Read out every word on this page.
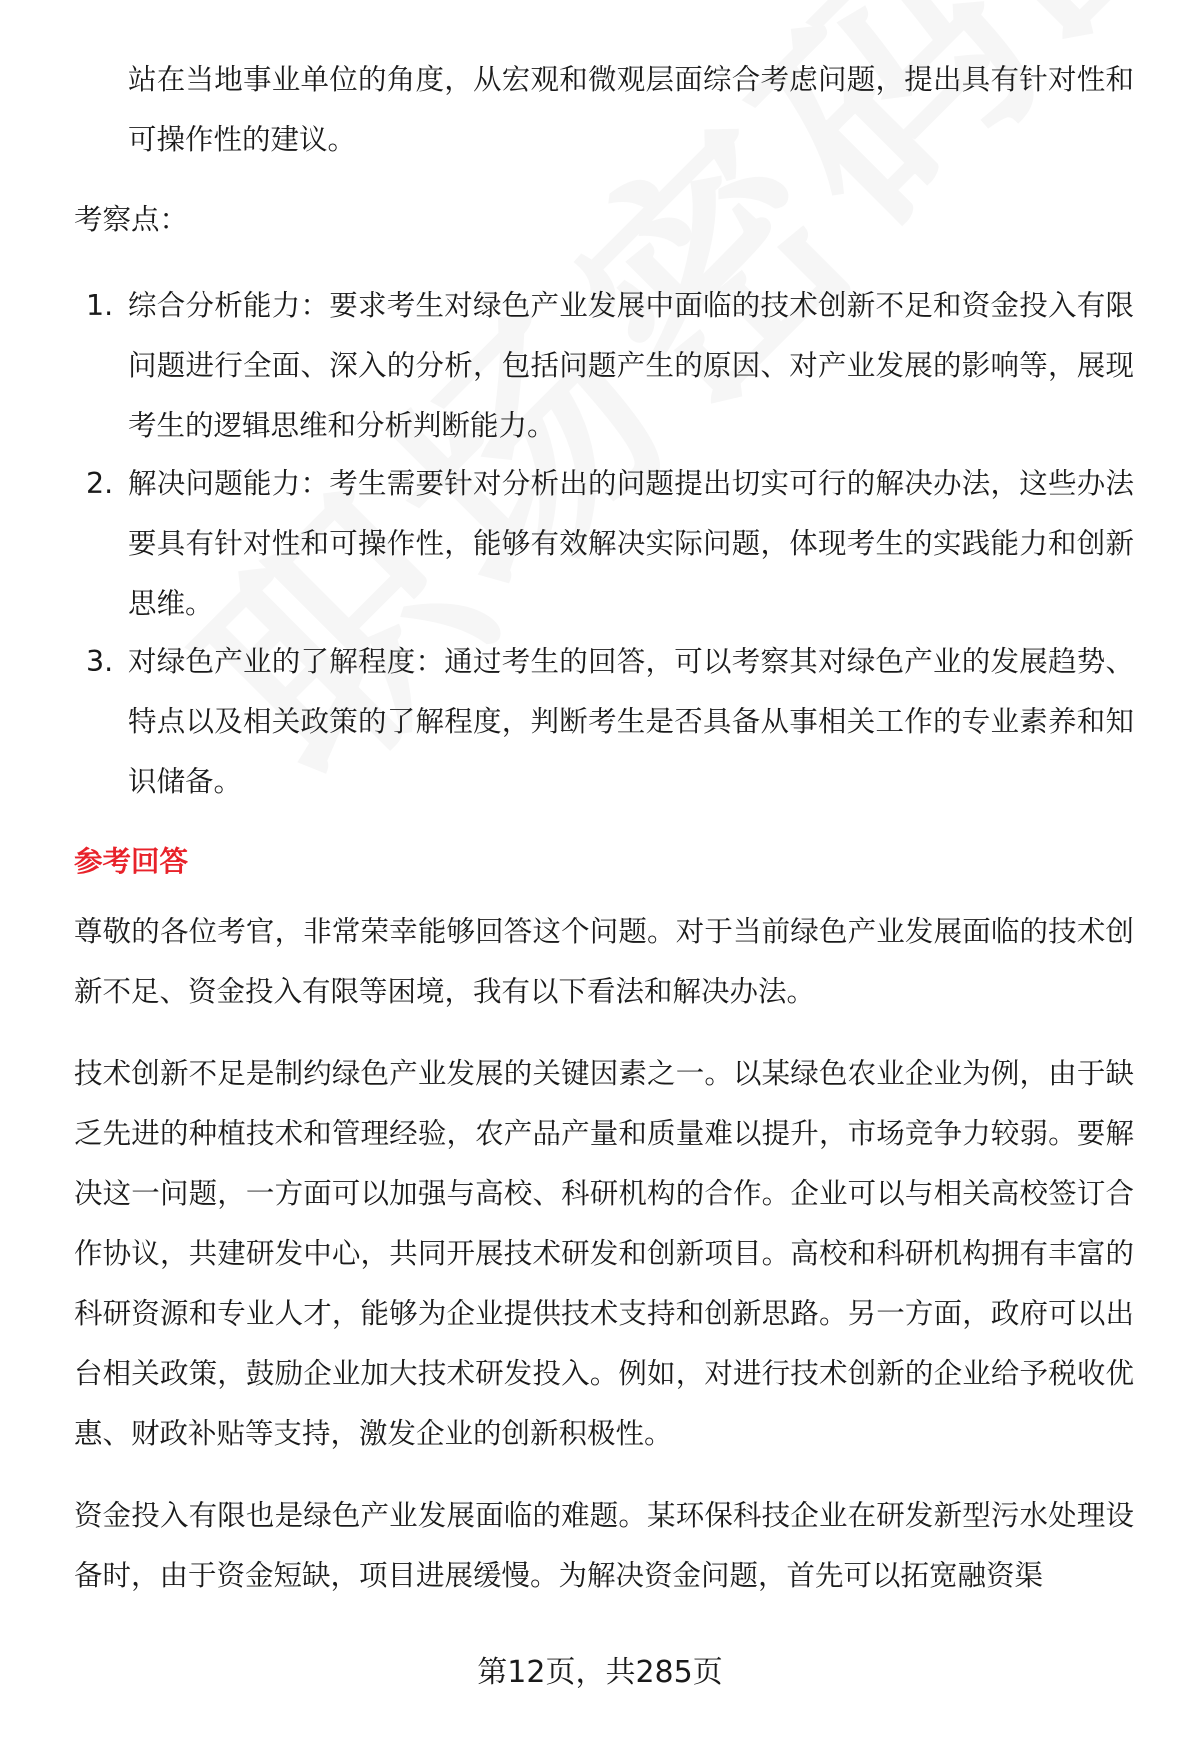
站在当地事业单位的角度，从宏观和微观层面综合考虑问题，提出具有针对性和可操作性的建议。

考察点：

1. 综合分析能力：要求考生对绿色产业发展中面临的技术创新不足和资金投入有限问题进行全面、深入的分析，包括问题产生的原因、对产业发展的影响等，展现考生的逻辑思维和分析判断能力。

2. 解决问题能力：考生需要针对分析出的问题提出切实可行的解决办法，这些办法要具有针对性和可操作性，能够有效解决实际问题，体现考生的实践能力和创新思维。

3. 对绿色产业的了解程度：通过考生的回答，可以考察其对绿色产业的发展趋势、特点以及相关政策的了解程度，判断考生是否具备从事相关工作的专业素养和知识储备。

参考回答

尊敬的各位考官，非常荣幸能够回答这个问题。对于当前绿色产业发展面临的技术创新不足、资金投入有限等困境，我有以下看法和解决办法。

技术创新不足是制约绿色产业发展的关键因素之一。以某绿色农业企业为例，由于缺乏先进的种植技术和管理经验，农产品产量和质量难以提升，市场竞争力较弱。要解决这一问题，一方面可以加强与高校、科研机构的合作。企业可以与相关高校签订合作协议，共建研发中心，共同开展技术研发和创新项目。高校和科研机构拥有丰富的科研资源和专业人才，能够为企业提供技术支持和创新思路。另一方面，政府可以出台相关政策，鼓励企业加大技术研发投入。例如，对进行技术创新的企业给予税收优惠、财政补贴等支持，激发企业的创新积极性。

资金投入有限也是绿色产业发展面临的难题。某环保科技企业在研发新型污水处理设备时，由于资金短缺，项目进展缓慢。为解决资金问题，首先可以拓宽融资渠

第12页，共285页
